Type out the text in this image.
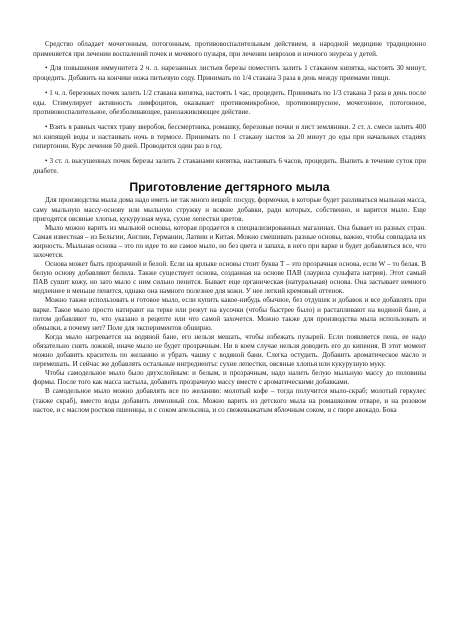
Средство обладает мочегонным, потогонным, противовоспалительным действием, в народной медицине традиционно применяется при лечении воспалений почек и мочевого пузыря, при лечении неврозов и ночного энуреза у детей.

• Для повышения иммунитета 2 ч. л. нарезанных листьев березы поместить залить 1 стаканом кипятка, настоять 30 минут, процедить. Добавить на кончике ножа питьевую соду. Принимать по 1/4 стакана 3 раза в день между приемами пищи.

• 1 ч. л. березовых почек залить 1/2 стакана кипятка, настоять 1 час, процедить. Принимать по 1/3 стакана 3 раза в день после еды. Стимулирует активность лимфоцитов, оказывает противомикробное, противовирусное, мочегонное, потогонное, противовоспалительное, обезболивающее, ранозаживляющее действие.

• Взять в равных частях траву зверобоя, бессмертника, ромашку, березовые почки и лист земляники. 2 ст. л. смеси залить 400 мл кипящей воды и настаивать ночь в термосе. Принимать по 1 стакану настоя за 20 минут до еды при начальных стадиях гипертонии. Курс лечения 50 дней. Проводится один раз в год.

• 3 ст. л. высушенных почек березы залить 2 стаканами кипятка, настаивать 6 часов, процедить. Выпить в течение суток при диабете.

Приготовление дегтярного мыла

Для производства мыла дома надо иметь не так много вещей: посуду, формочки, в которые будет разливаться мыльная масса, саму мыльную массу-основу или мыльную стружку и всякие добавки, ради которых, собственно, и варится мыло. Еще пригодятся овсяные хлопья, кукурузная мука, сухие лепестки цветов.

Мыло можно варить из мыльной основы, которая продается в специализированных магазинах. Она бывает из разных стран. Самая известная – из Бельгии, Англии, Германии, Латвии и Китая. Можно смешивать разные основы, важно, чтобы совпадала их жирность. Мыльная основа – это по идее то же самое мыло, но без цвета и запаха, в него при варке и будет добавляться все, что захочется.

Основа может быть прозрачной и белой. Если на ярлыке основы стоит буква T – это прозрачная основа, если W – то белая. В белую основу добавляют белила. Также существует основа, созданная на основе ПАВ (лаурила сульфата натрия). Этот самый ПАВ сушит кожу, но зато мыло с ним сильно пенится. Бывает еще органическая (натуральная) основа. Она застывает немного медленнее и меньше пенится, однако она намного полезнее для кожи. У нее легкий кремовый оттенок.

Можно также использовать и готовое мыло, если купить какое-нибудь обычное, без отдушек и добавок и все добавлять при варке. Такое мыло просто натирают на терке или режут на кусочки (чтобы быстрее было) и растапливают на водяной бане, а потом добавляют то, что указано в рецепте или что самой захочется. Можно также для производства мыла использовать и обмылки, а почему нет? Поле для экспериментов обширно.

Когда мыло нагревается на водяной бане, его нельзя мешать, чтобы избежать пузырей. Если появляется пена, ее надо обязательно снять ложкой, иначе мыло не будет прозрачным. Ни в коем случае нельзя доводить его до кипения. В этот момент можно добавить краситель по желанию и убрать чашку с водяной бани. Слегка остудить. Добавить ароматическое масло и перемешать. И сейчас же добавлять остальные ингредиенты: сухие лепестки, овсяные хлопья или кукурузную муку.

Чтобы самодельное мыло было двухслойным: и белым, и прозрачным, надо налить белую мыльную массу до половины формы. После того как масса застыла, добавить прозрачную массу вместе с ароматическими добавками.

В самодельное мыло можно добавлять все по желанию: молотый кофе – тогда получится мыло-скраб; молотый геркулес (также скраб), вместо воды добавить лимонный сок. Можно варить из детского мыла на ромашковом отваре, и на розовом настое, и с маслом ростков пшеницы, и с соком апельсина, и со свежевыжатым яблочным соком, и с пюре авокадо. Бока
